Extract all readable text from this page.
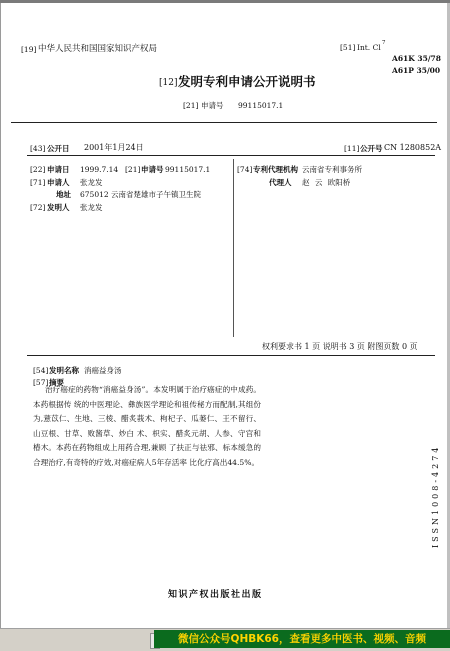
[19] 中华人民共和国国家知识产权局	[51] Int. Cl 7
A61K 35/78
A61P 35/00
[12] 发明专利申请公开说明书
[21] 申请号 99115017.1
[43] 公开日 2001年1月24日	[11] 公开号 CN 1280852A
[22] 申请日 1999.7.14 [21] 申请号 99115017.1
[71] 申请人 张龙发
地址 675012 云南省楚雄市子午镇卫生院
[72] 发明人 张龙发
[74] 专利代理机构 云南省专利事务所
代理人 赵 云 欧阳桥
权利要求书 1 页 说明书 3 页 附图页数 0 页
[54] 发明名称 消癌益身汤
[57] 摘要
治疗癌症的药物“消癌益身汤”。本发明属于治疗癌症的中成药。本药根据传 统的中医理论、彝族医学理论和祖传秘方而配制,其组份为,薏苡仁、生地、三棱、醋炙莪术、枸杞子、瓜蒌仁、王不留行、山豆根、甘草、败酱草、炒白 术、枳实、醋炙元胡、人参、守宫和椿木。本药在药物组成上用药合理,兼顾 了扶正与祛邪、标本缓急的合理治疗,有奇特的疗效,对癌症病人5年存活率 比化疗高出44.5%。	ISSN1008-4274
知识产权出版社出版
微信公众号QHBK66，查看更多中医书、视频、音频
